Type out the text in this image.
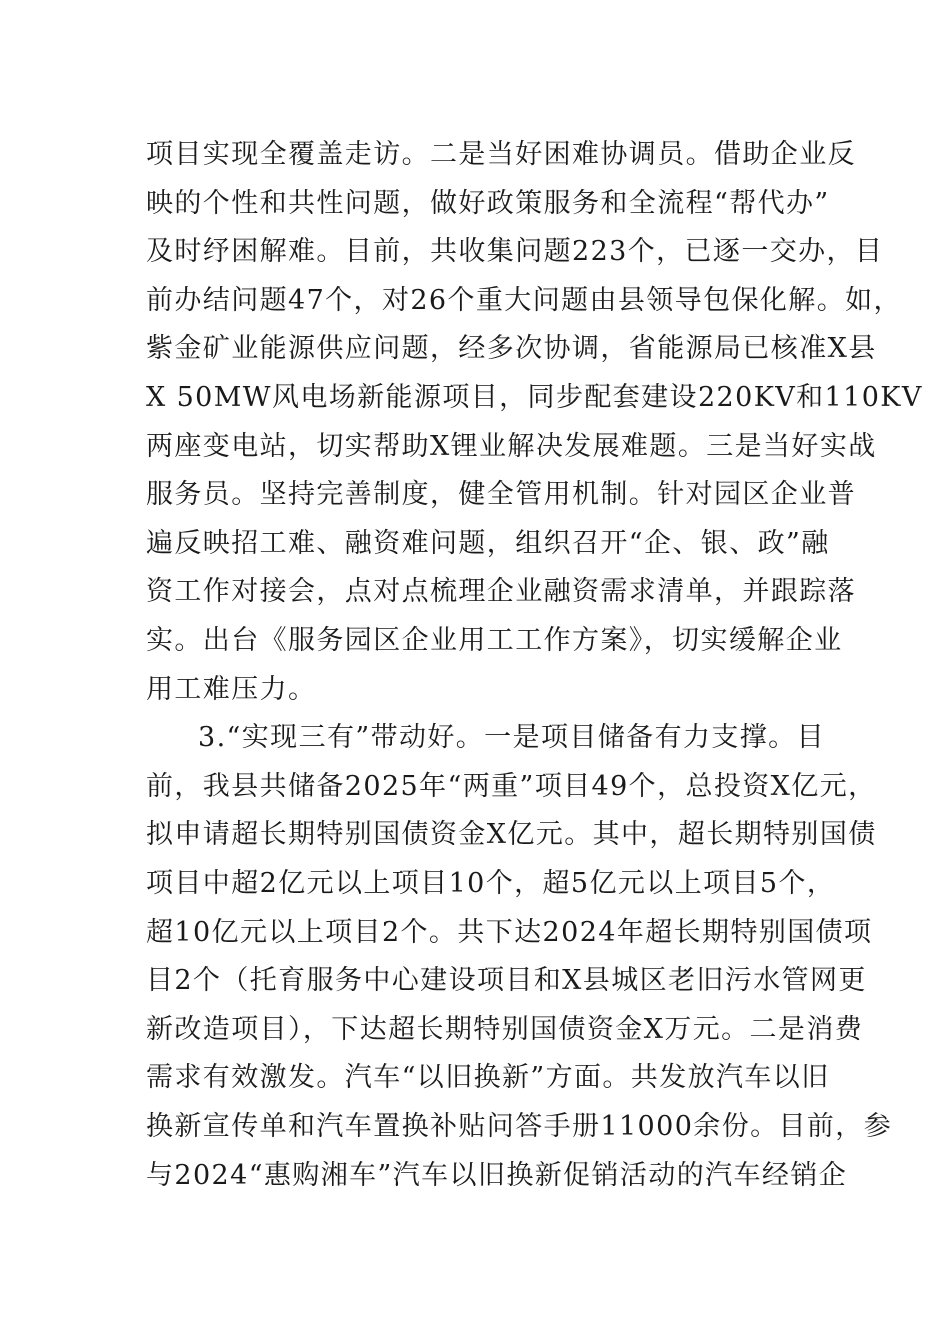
项目实现全覆盖走访。二是当好困难协调员。借助企业反
映的个性和共性问题，做好政策服务和全流程“帮代办”
及时纾困解难。目前，共收集问题223个，已逐一交办，目
前办结问题47个，对26个重大问题由县领导包保化解。如，
紫金矿业能源供应问题，经多次协调，省能源局已核准X县
X 50MW风电场新能源项目，同步配套建设220KV和110KV
两座变电站，切实帮助X锂业解决发展难题。三是当好实战
服务员。坚持完善制度，健全管用机制。针对园区企业普
遍反映招工难、融资难问题，组织召开“企、银、政”融
资工作对接会，点对点梳理企业融资需求清单，并跟踪落
实。出台《服务园区企业用工工作方案》，切实缓解企业
用工难压力。
3.“实现三有”带动好。一是项目储备有力支撑。目
前，我县共储备2025年“两重”项目49个，总投资X亿元，
拟申请超长期特别国债资金X亿元。其中，超长期特别国债
项目中超2亿元以上项目10个，超5亿元以上项目5个，
超10亿元以上项目2个。共下达2024年超长期特别国债项
目2个（托育服务中心建设项目和X县城区老旧污水管网更
新改造项目），下达超长期特别国债资金X万元。二是消费
需求有效激发。汽车“以旧换新”方面。共发放汽车以旧
换新宣传单和汽车置换补贴问答手册11000余份。目前，参
与2024“惠购湘车”汽车以旧换新促销活动的汽车经销企
